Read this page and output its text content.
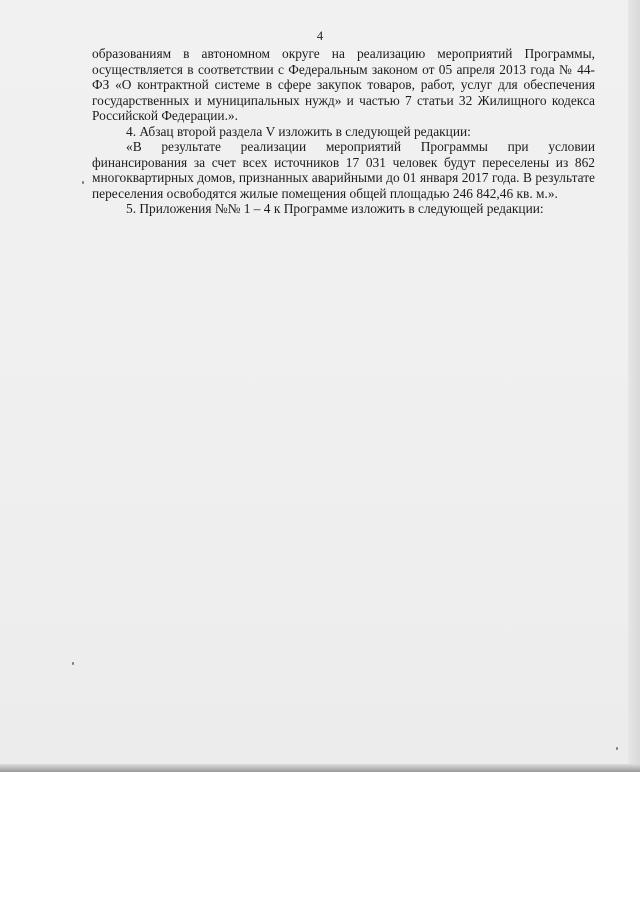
4

образованиям в автономном округе на реализацию мероприятий Программы, осуществляется в соответствии с Федеральным законом от 05 апреля 2013 года № 44-ФЗ «О контрактной системе в сфере закупок товаров, работ, услуг для обеспечения государственных и муниципальных нужд» и частью 7 статьи 32 Жилищного кодекса Российской Федерации.».

4. Абзац второй раздела V изложить в следующей редакции:

«В результате реализации мероприятий Программы при условии финансирования за счет всех источников 17 031 человек будут переселены из 862 многоквартирных домов, признанных аварийными до 01 января 2017 года. В результате переселения освободятся жилые помещения общей площадью 246 842,46 кв. м.».

5. Приложения №№ 1 – 4 к Программе изложить в следующей редакции:
